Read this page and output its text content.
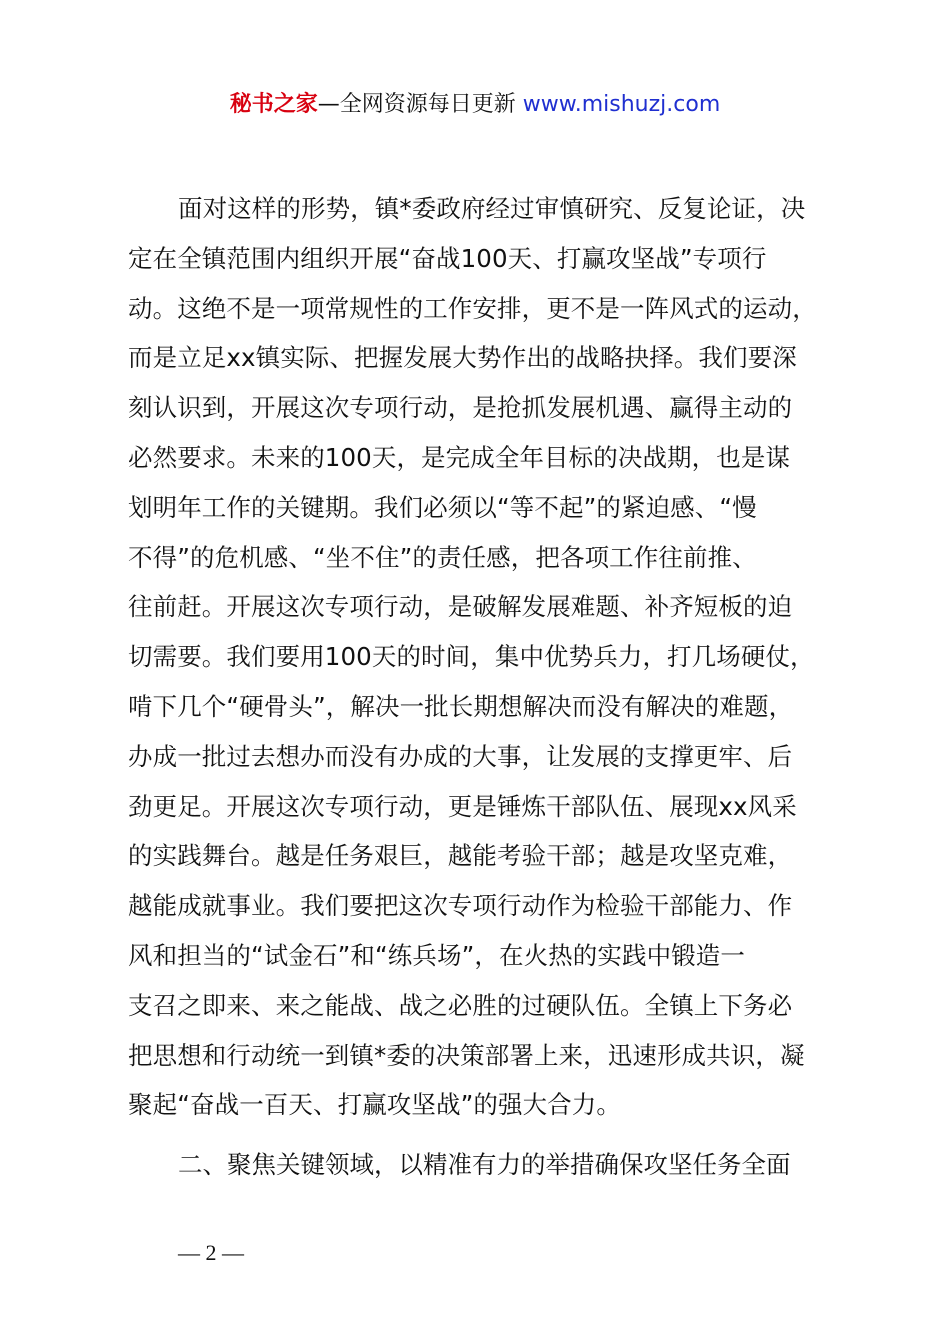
秘书之家—全网资源每日更新 www.mishuzj.com
面对这样的形势，镇*委政府经过审慎研究、反复论证，决
定在全镇范围内组织开展“奋战100天、打赢攻坚战”专项行
动。这绝不是一项常规性的工作安排，更不是一阵风式的运动，
而是立足xx镇实际、把握发展大势作出的战略抉择。我们要深
刻认识到，开展这次专项行动，是抢抓发展机遇、赢得主动的
必然要求。未来的100天，是完成全年目标的决战期，也是谋
划明年工作的关键期。我们必须以“等不起”的紧迫感、“慢
不得”的危机感、“坐不住”的责任感，把各项工作往前推、
往前赶。开展这次专项行动，是破解发展难题、补齐短板的迫
切需要。我们要用100天的时间，集中优势兵力，打几场硬仗，
啃下几个“硬骨头”，解决一批长期想解决而没有解决的难题，
办成一批过去想办而没有办成的大事，让发展的支撑更牢、后
劲更足。开展这次专项行动，更是锤炼干部队伍、展现xx风采
的实践舞台。越是任务艰巨，越能考验干部；越是攻坚克难，
越能成就事业。我们要把这次专项行动作为检验干部能力、作
风和担当的“试金石”和“练兵场”，在火热的实践中锻造一
支召之即来、来之能战、战之必胜的过硬队伍。全镇上下务必
把思想和行动统一到镇*委的决策部署上来，迅速形成共识，凝
聚起“奋战一百天、打赢攻坚战”的强大合力。
二、聚焦关键领域，以精准有力的举措确保攻坚任务全面
— 2 —
